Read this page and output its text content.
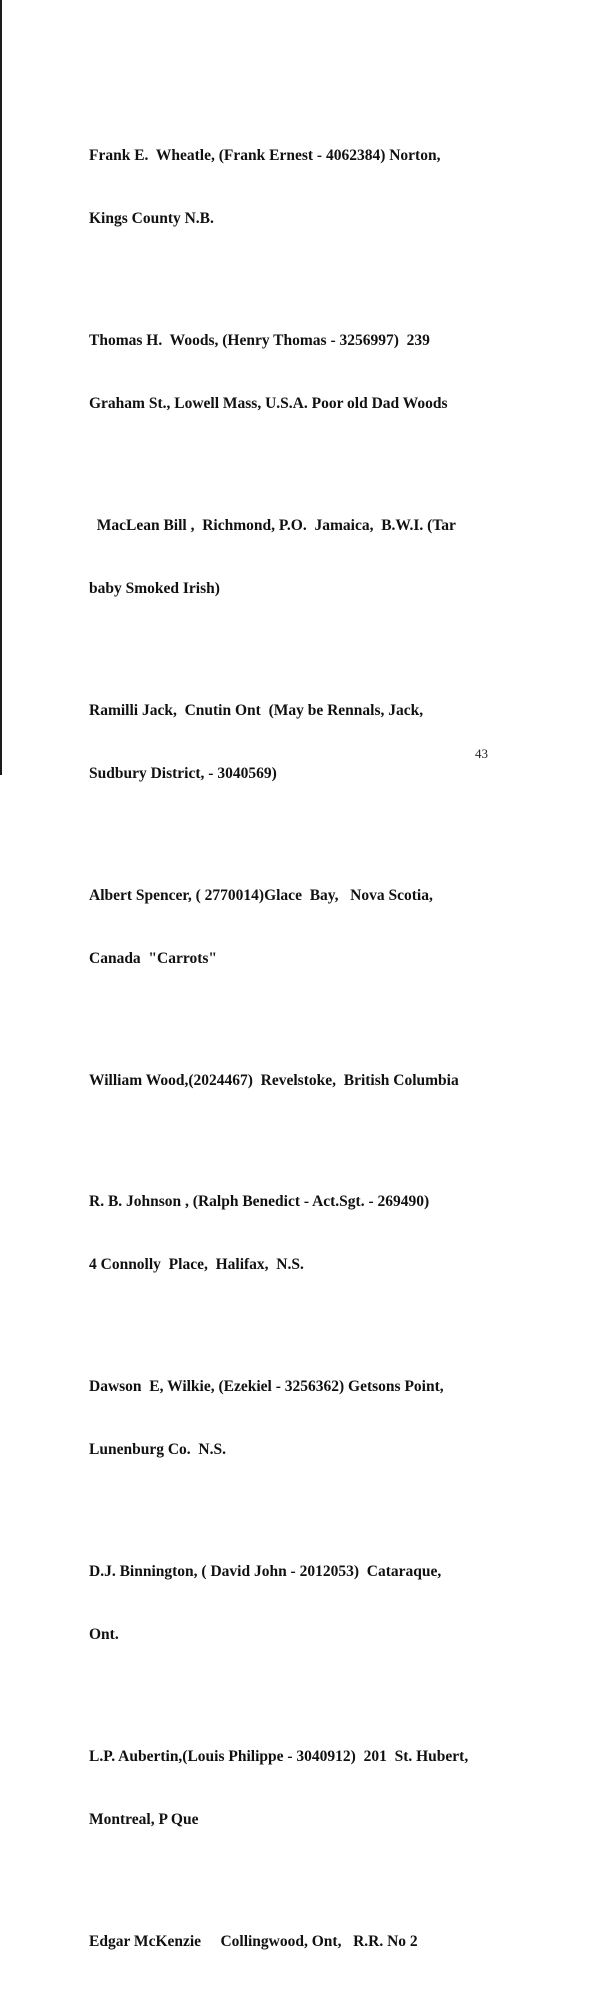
Frank E.  Wheatle, (Frank Ernest - 4062384) Norton,

Kings County N.B.

Thomas H.  Woods, (Henry Thomas - 3256997)  239

Graham St., Lowell Mass, U.S.A. Poor old Dad Woods

MacLean Bill ,  Richmond, P.O.  Jamaica,  B.W.I. (Tar

baby Smoked Irish)

Ramilli Jack,  Cnutin Ont  (May be Rennals, Jack,

Sudbury District, - 3040569)

Albert Spencer, ( 2770014)Glace  Bay,   Nova Scotia,

Canada  "Carrots"

William Wood,(2024467)  Revelstoke,  British Columbia

R. B. Johnson , (Ralph Benedict - Act.Sgt. - 269490)

4 Connolly  Place,  Halifax,  N.S.

Dawson  E, Wilkie, (Ezekiel - 3256362) Getsons Point,

Lunenburg Co.  N.S.

D.J. Binnington, ( David John - 2012053)  Cataraque,

Ont.

L.P. Aubertin,(Louis Philippe - 3040912)  201  St. Hubert,

Montreal, P Que

Edgar McKenzie     Collingwood, Ont,   R.R. No 2

43
